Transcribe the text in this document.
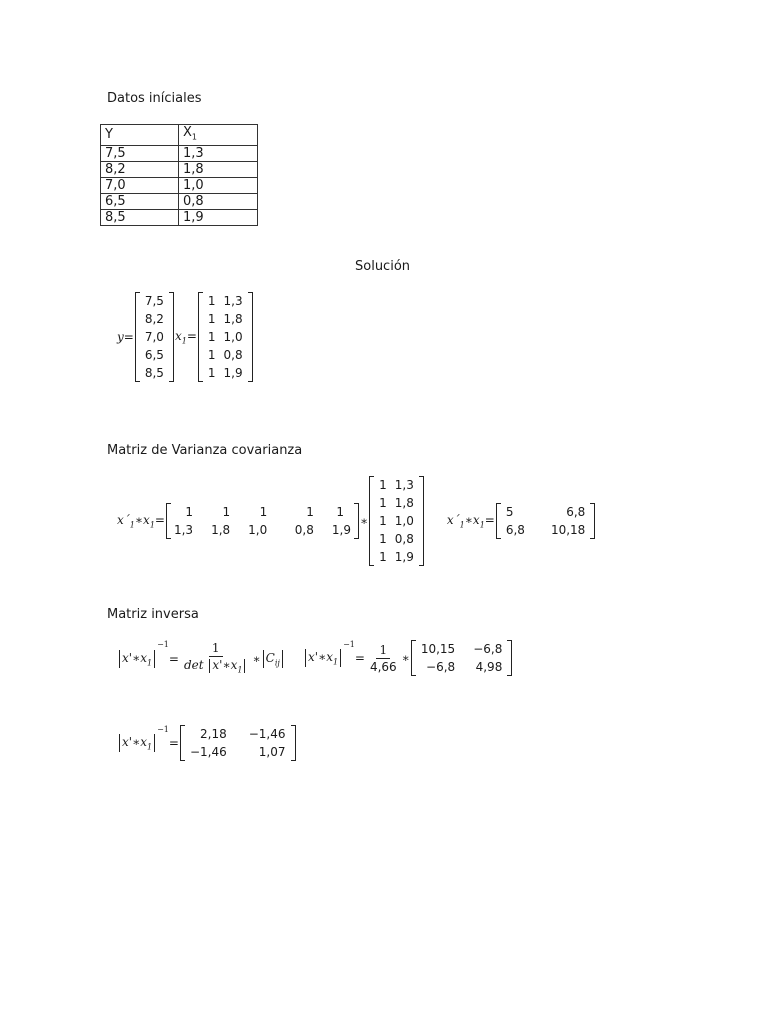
Datos iníciales
Y	$X_1$
7,5	1,3
8,2	1,8
7,0	1,0
6,5	0,8
8,5	1,9
Solución
y=
7,5
8,2
7,0
6,5
8,5
$x_1=$
1	1,3
1	1,8
1	1,0
1	0,8
1	1,9
Matriz de Varianza covarianza
$x´_1∗x_1=$
1	1	1	1	1
1,3	1,8	1,0	0,8	1,9
∗
1	1,3
1	1,8
1	1,0
1	0,8
1	1,9
$x´_1∗x_1=$
5	6,8
6,8	10,18
Matriz inversa
$x'∗x_1$
−1
= $\frac{1}{\det x'∗x_1}$ ∗ $C_{ij}$ $x'∗x_1$
−1
= $\frac{1}{4,66}$ ∗
10,15	−6,8
−6,8	4,98
$x'∗x_1$
−1
=
2,18	−1,46
−1,46	1,07
